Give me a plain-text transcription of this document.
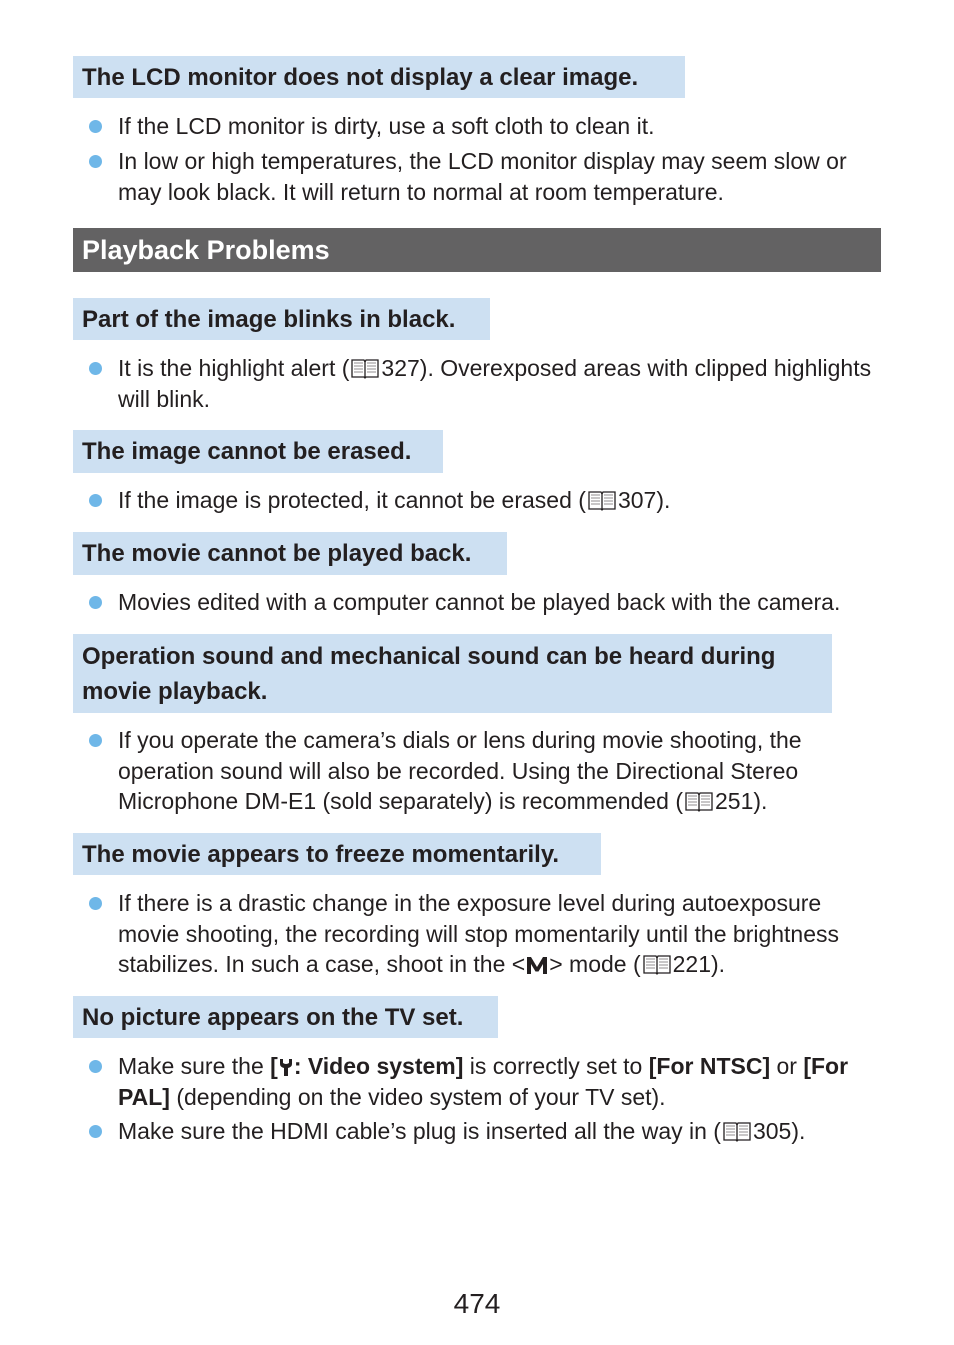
The LCD monitor does not display a clear image.
If the LCD monitor is dirty, use a soft cloth to clean it.
In low or high temperatures, the LCD monitor display may seem slow or may look black. It will return to normal at room temperature.
Playback Problems
Part of the image blinks in black.
It is the highlight alert ( 327). Overexposed areas with clipped highlights will blink.
The image cannot be erased.
If the image is protected, it cannot be erased ( 307).
The movie cannot be played back.
Movies edited with a computer cannot be played back with the camera.
Operation sound and mechanical sound can be heard during movie playback.
If you operate the camera’s dials or lens during movie shooting, the operation sound will also be recorded. Using the Directional Stereo Microphone DM-E1 (sold separately) is recommended ( 251).
The movie appears to freeze momentarily.
If there is a drastic change in the exposure level during autoexposure movie shooting, the recording will stop momentarily until the brightness stabilizes. In such a case, shoot in the < > mode ( 221).
No picture appears on the TV set.
Make sure the [ : Video system] is correctly set to [For NTSC] or [For PAL] (depending on the video system of your TV set).
Make sure the HDMI cable’s plug is inserted all the way in ( 305).
474
